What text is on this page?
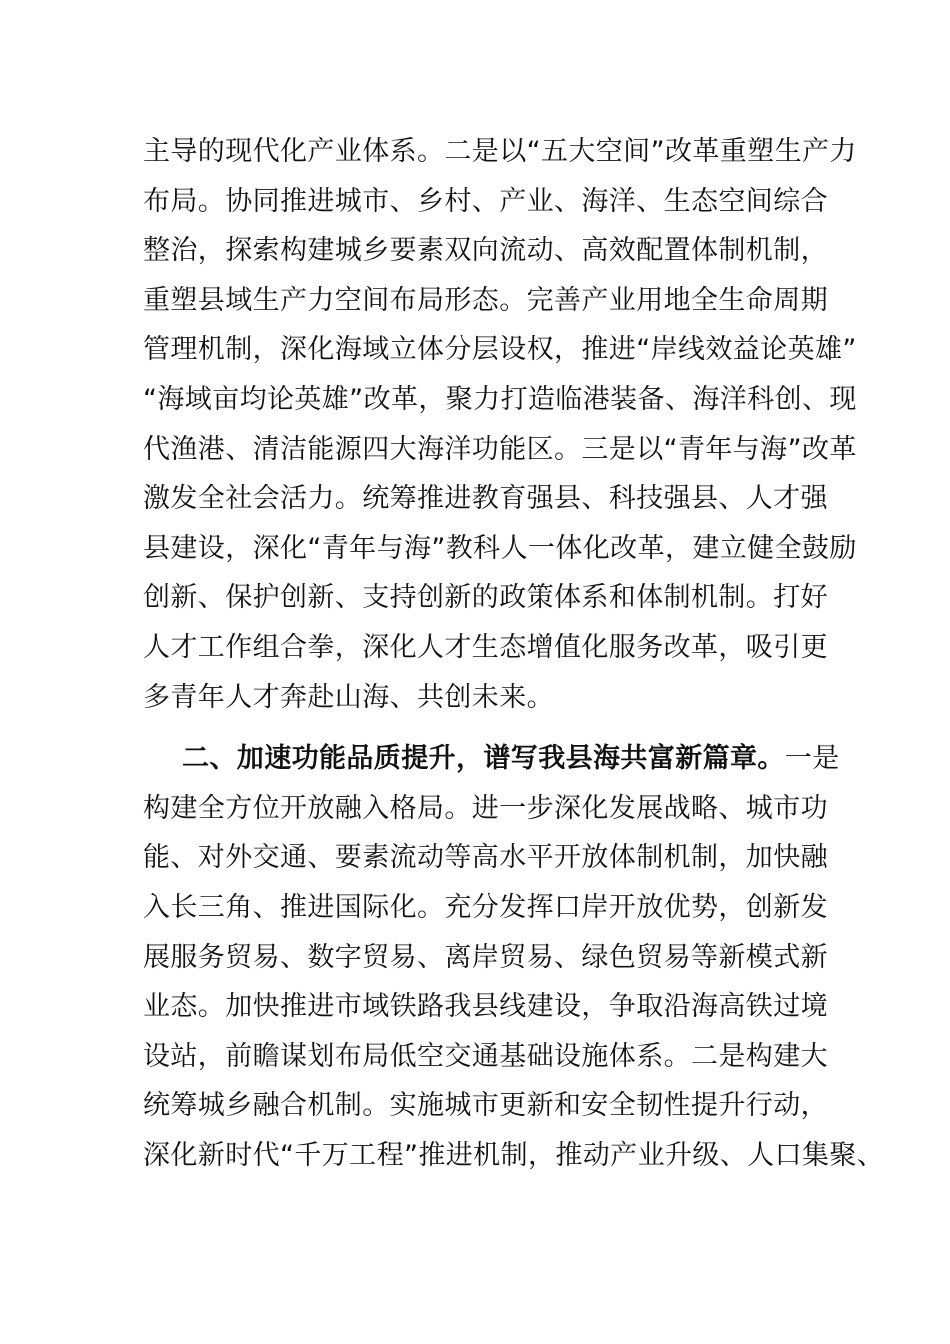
主导的现代化产业体系。二是以“五大空间”改革重塑生产力
布局。协同推进城市、乡村、产业、海洋、生态空间综合
整治，探索构建城乡要素双向流动、高效配置体制机制，
重塑县域生产力空间布局形态。完善产业用地全生命周期
管理机制，深化海域立体分层设权，推进“岸线效益论英雄”
“海域亩均论英雄”改革，聚力打造临港装备、海洋科创、现
代渔港、清洁能源四大海洋功能区。三是以“青年与海”改革
激发全社会活力。统筹推进教育强县、科技强县、人才强
县建设，深化“青年与海”教科人一体化改革，建立健全鼓励
创新、保护创新、支持创新的政策体系和体制机制。打好
人才工作组合拳，深化人才生态增值化服务改革，吸引更
多青年人才奔赴山海、共创未来。
二、加速功能品质提升，谱写我县海共富新篇章。一是
构建全方位开放融入格局。进一步深化发展战略、城市功
能、对外交通、要素流动等高水平开放体制机制，加快融
入长三角、推进国际化。充分发挥口岸开放优势，创新发
展服务贸易、数字贸易、离岸贸易、绿色贸易等新模式新
业态。加快推进市域铁路我县线建设，争取沿海高铁过境
设站，前瞻谋划布局低空交通基础设施体系。二是构建大
统筹城乡融合机制。实施城市更新和安全韧性提升行动，
深化新时代“千万工程”推进机制，推动产业升级、人口集聚、
